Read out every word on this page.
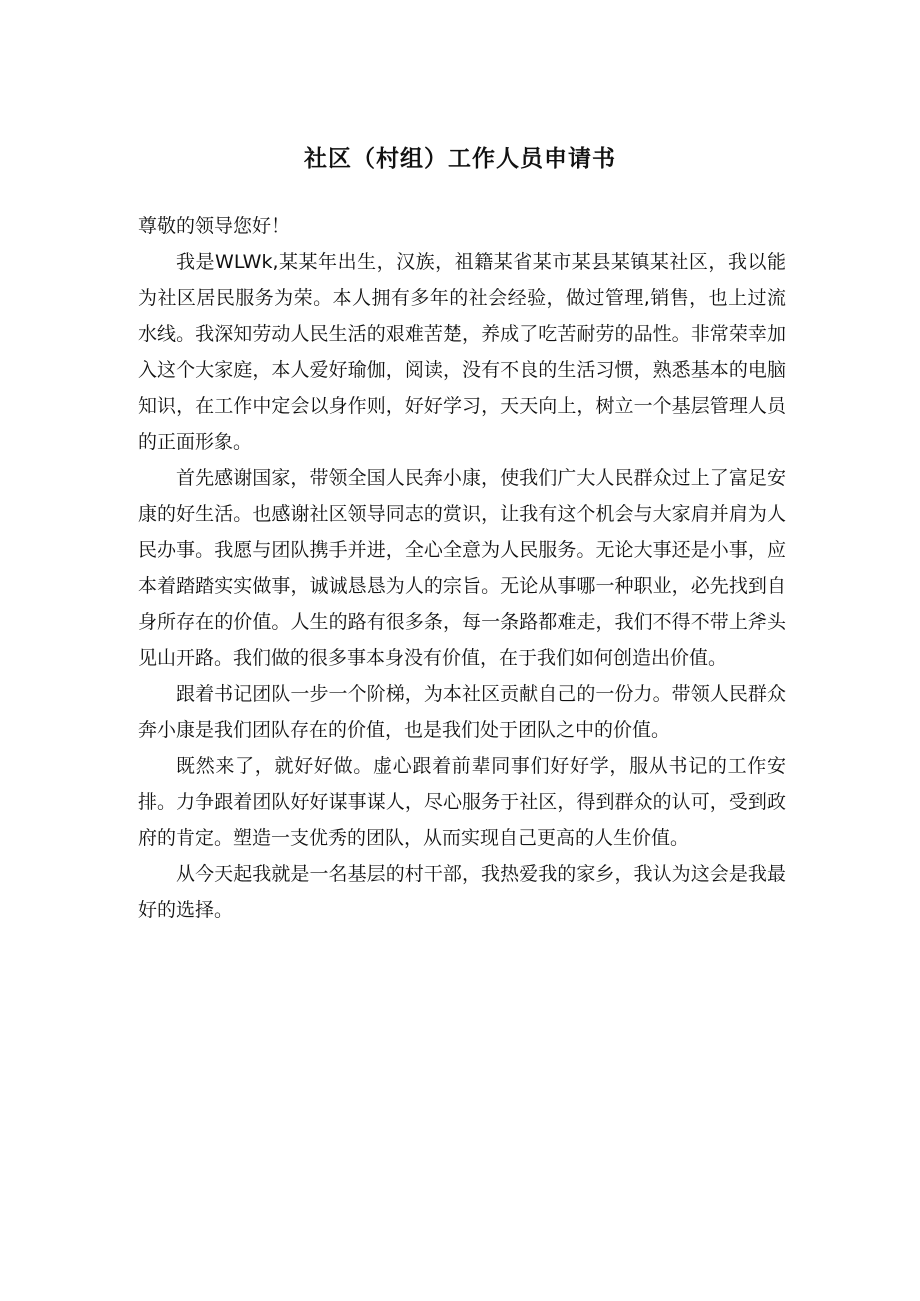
社区（村组）工作人员申请书

尊敬的领导您好！

我是WLWk,某某年出生，汉族，祖籍某省某市某县某镇某社区，我以能为社区居民服务为荣。本人拥有多年的社会经验，做过管理,销售，也上过流水线。我深知劳动人民生活的艰难苦楚，养成了吃苦耐劳的品性。非常荣幸加入这个大家庭，本人爱好瑜伽，阅读，没有不良的生活习惯，熟悉基本的电脑知识，在工作中定会以身作则，好好学习，天天向上，树立一个基层管理人员的正面形象。

首先感谢国家，带领全国人民奔小康，使我们广大人民群众过上了富足安康的好生活。也感谢社区领导同志的赏识，让我有这个机会与大家肩并肩为人民办事。我愿与团队携手并进，全心全意为人民服务。无论大事还是小事，应本着踏踏实实做事，诚诚恳恳为人的宗旨。无论从事哪一种职业，必先找到自身所存在的价值。人生的路有很多条，每一条路都难走，我们不得不带上斧头见山开路。我们做的很多事本身没有价值，在于我们如何创造出价值。

跟着书记团队一步一个阶梯，为本社区贡献自己的一份力。带领人民群众奔小康是我们团队存在的价值，也是我们处于团队之中的价值。

既然来了，就好好做。虚心跟着前辈同事们好好学，服从书记的工作安排。力争跟着团队好好谋事谋人，尽心服务于社区，得到群众的认可，受到政府的肯定。塑造一支优秀的团队，从而实现自己更高的人生价值。

从今天起我就是一名基层的村干部，我热爱我的家乡，我认为这会是我最好的选择。
